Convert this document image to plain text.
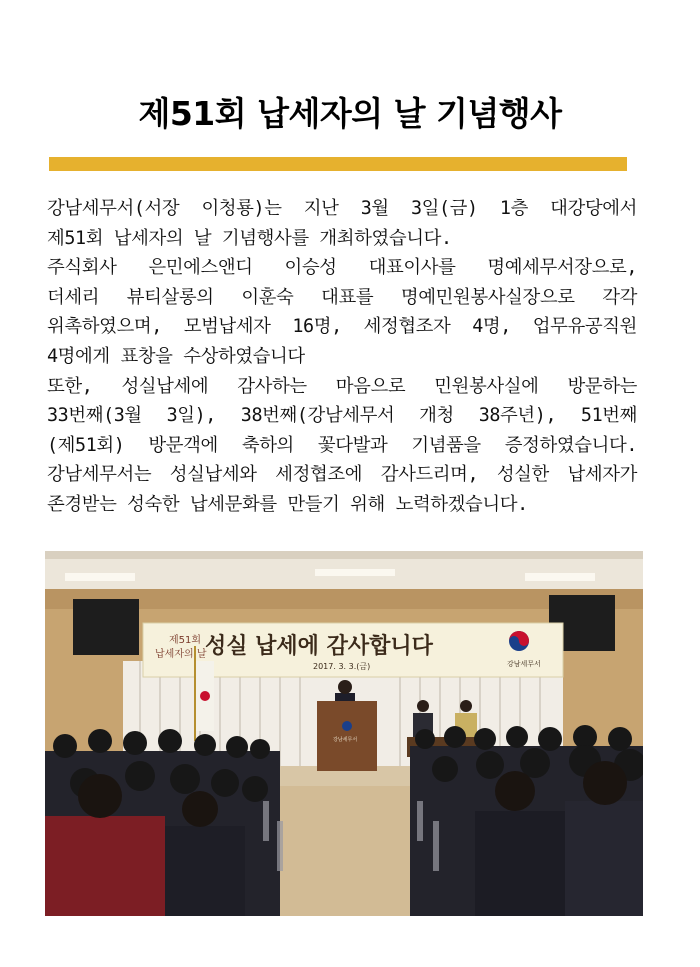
제51회 납세자의 날 기념행사
강남세무서(서장 이청룡)는 지난 3월 3일(금) 1층 대강당에서
제51회 납세자의 날 기념행사를 개최하였습니다.
주식회사 은민에스앤디 이승성 대표이사를 명예세무서장으로,
더세리 뷰티살롱의 이훈숙 대표를 명예민원봉사실장으로 각각
위촉하였으며, 모범납세자 16명, 세정협조자 4명, 업무유공직원
4명에게 표창을 수상하였습니다
또한, 성실납세에 감사하는 마음으로 민원봉사실에 방문하는
33번째(3월 3일), 38번째(강남세무서 개청 38주년), 51번째
(제51회) 방문객에 축하의 꽃다발과 기념품을 증정하였습니다.
강남세무서는 성실납세와 세정협조에 감사드리며, 성실한 납세자가
존경받는 성숙한 납세문화를 만들기 위해 노력하겠습니다.
제51회
납세자의 날
성실 납세에 감사합니다
2017. 3. 3.(금)	강남세무서
강남세무서
